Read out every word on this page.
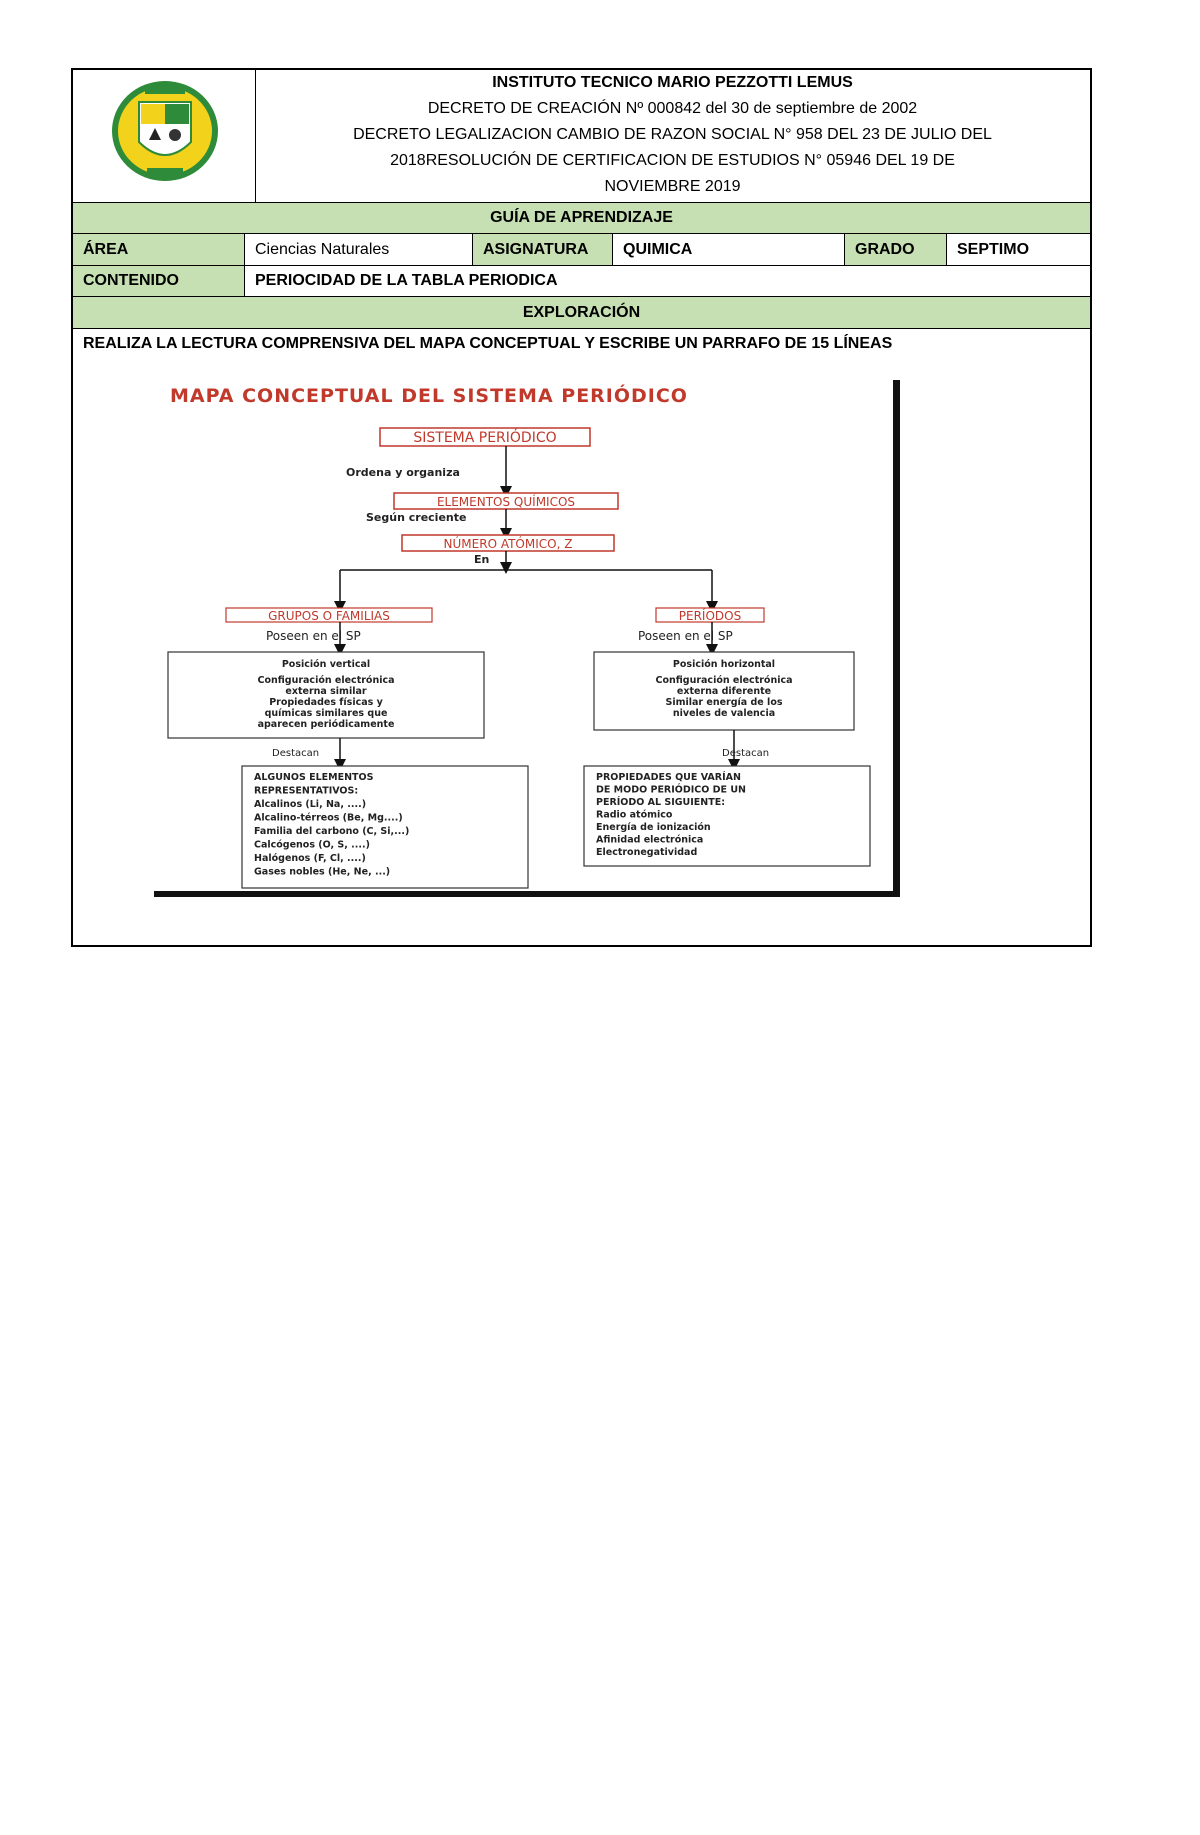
INSTITUTO TECNICO MARIO PEZZOTTI LEMUS
DECRETO DE CREACIÓN Nº 000842 del 30 de septiembre de 2002
DECRETO LEGALIZACION CAMBIO DE RAZON SOCIAL N° 958 DEL 23 DE JULIO DEL
2018RESOLUCIÓN DE CERTIFICACION DE ESTUDIOS N° 05946 DEL 19 DE
NOVIEMBRE 2019
GUÍA DE APRENDIZAJE
ÁREA	Ciencias Naturales	ASIGNATURA	QUIMICA	GRADO	SEPTIMO
CONTENIDO	PERIOCIDAD DE LA TABLA PERIODICA
EXPLORACIÓN
REALIZA LA LECTURA COMPRENSIVA DEL MAPA CONCEPTUAL Y ESCRIBE UN PARRAFO DE 15 LÍNEAS
MAPA CONCEPTUAL DEL SISTEMA PERIÓDICO
SISTEMA PERIÓDICO
Ordena y organiza
ELEMENTOS QUÍMICOS
Según creciente
NÚMERO ATÓMICO, Z
En
GRUPOS O FAMILIAS	PERÍODOS
Poseen en el SP	Poseen en el SP
Posición vertical
Configuración electrónica
externa similar
Propiedades físicas y
químicas similares que
aparecen periódicamente
Posición horizontal
Configuración electrónica
externa diferente
Similar energía de los
niveles de valencia
Destacan	Destacan
ALGUNOS ELEMENTOS
REPRESENTATIVOS:
Alcalinos (Li, Na, ....)
Alcalino-térreos (Be, Mg....)
Familia del carbono (C, Si,...)
Calcógenos (O, S, ....)
Halógenos (F, Cl, ....)
Gases nobles (He, Ne, ...)
PROPIEDADES QUE VARÍAN
DE MODO PERIÓDICO DE UN
PERÍODO AL SIGUIENTE:
Radio atómico
Energía de ionización
Afinidad electrónica
Electronegatividad
